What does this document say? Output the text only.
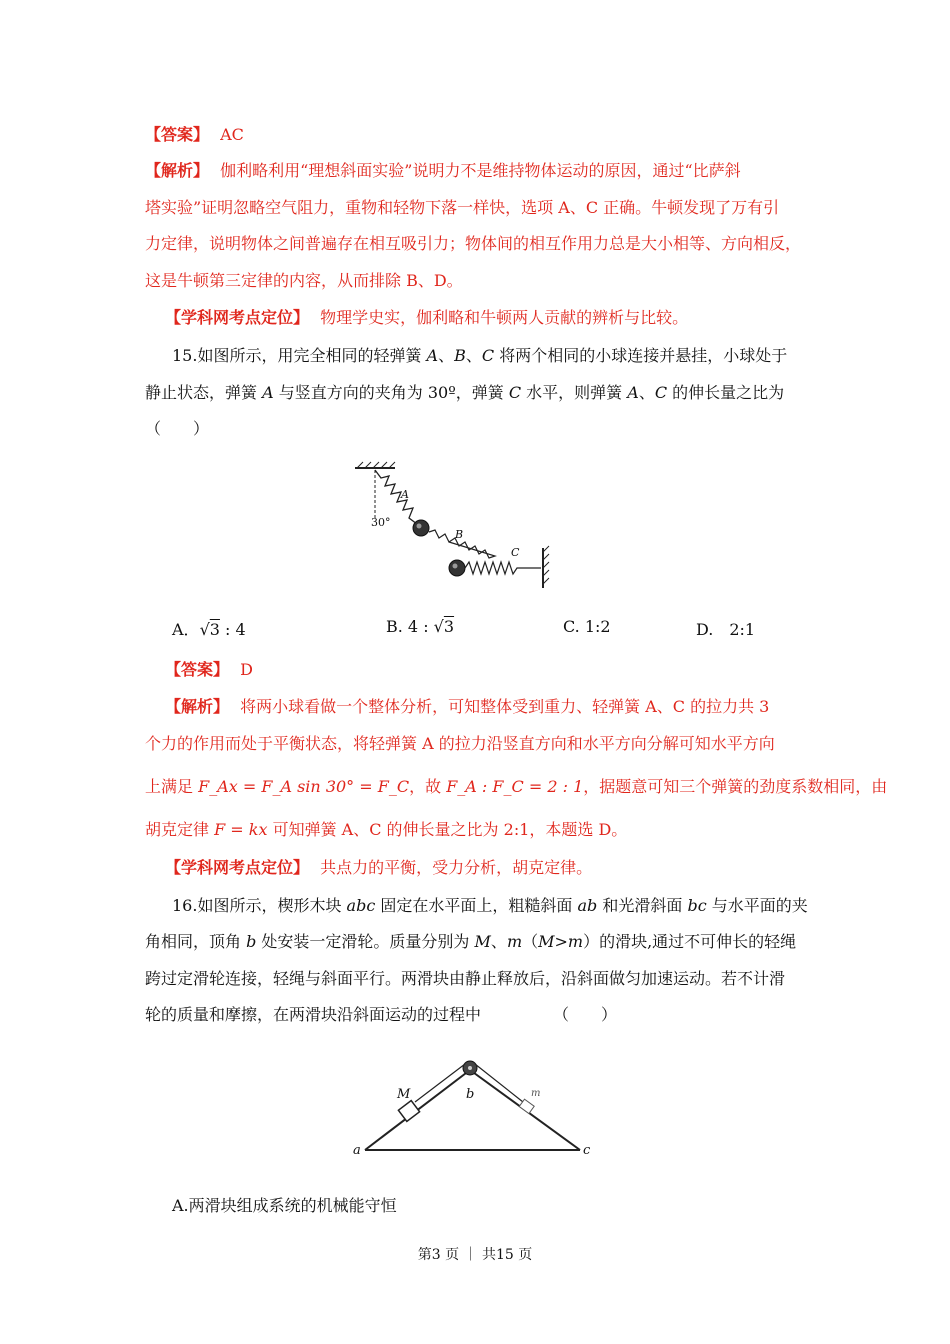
【答案】 AC
【解析】 伽利略利用“理想斜面实验”说明力不是维持物体运动的原因，通过“比萨斜
塔实验”证明忽略空气阻力，重物和轻物下落一样快，选项 A、C 正确。牛顿发现了万有引
力定律，说明物体之间普遍存在相互吸引力；物体间的相互作用力总是大小相等、方向相反，
这是牛顿第三定律的内容，从而排除 B、D。
【学科网考点定位】 物理学史实，伽利略和牛顿两人贡献的辨析与比较。
15.如图所示，用完全相同的轻弹簧 A、B、C 将两个相同的小球连接并悬挂，小球处于
静止状态，弹簧 A 与竖直方向的夹角为 30º，弹簧 C 水平，则弹簧 A、C 的伸长量之比为
（　　）
30°
A
B
C
A．√3 : 4	B. 4 : √3	C. 1:2	D.　2:1
【答案】 D
【解析】 将两小球看做一个整体分析，可知整体受到重力、轻弹簧 A、C 的拉力共 3
个力的作用而处于平衡状态，将轻弹簧 A 的拉力沿竖直方向和水平方向分解可知水平方向
上满足 F_Ax = F_A sin 30° = F_C，故 F_A : F_C = 2 : 1，据题意可知三个弹簧的劲度系数相同，由
胡克定律 F = kx 可知弹簧 A、C 的伸长量之比为 2:1，本题选 D。
【学科网考点定位】 共点力的平衡，受力分析，胡克定律。
16.如图所示，楔形木块 abc 固定在水平面上，粗糙斜面 ab 和光滑斜面 bc 与水平面的夹
角相同，顶角 b 处安装一定滑轮。质量分别为 M、m（M>m）的滑块,通过不可伸长的轻绳
跨过定滑轮连接，轻绳与斜面平行。两滑块由静止释放后，沿斜面做匀加速运动。若不计滑
轮的质量和摩擦，在两滑块沿斜面运动的过程中	（　　）
M	b	m
a	c
A.两滑块组成系统的机械能守恒
第3 页 ｜ 共15 页
